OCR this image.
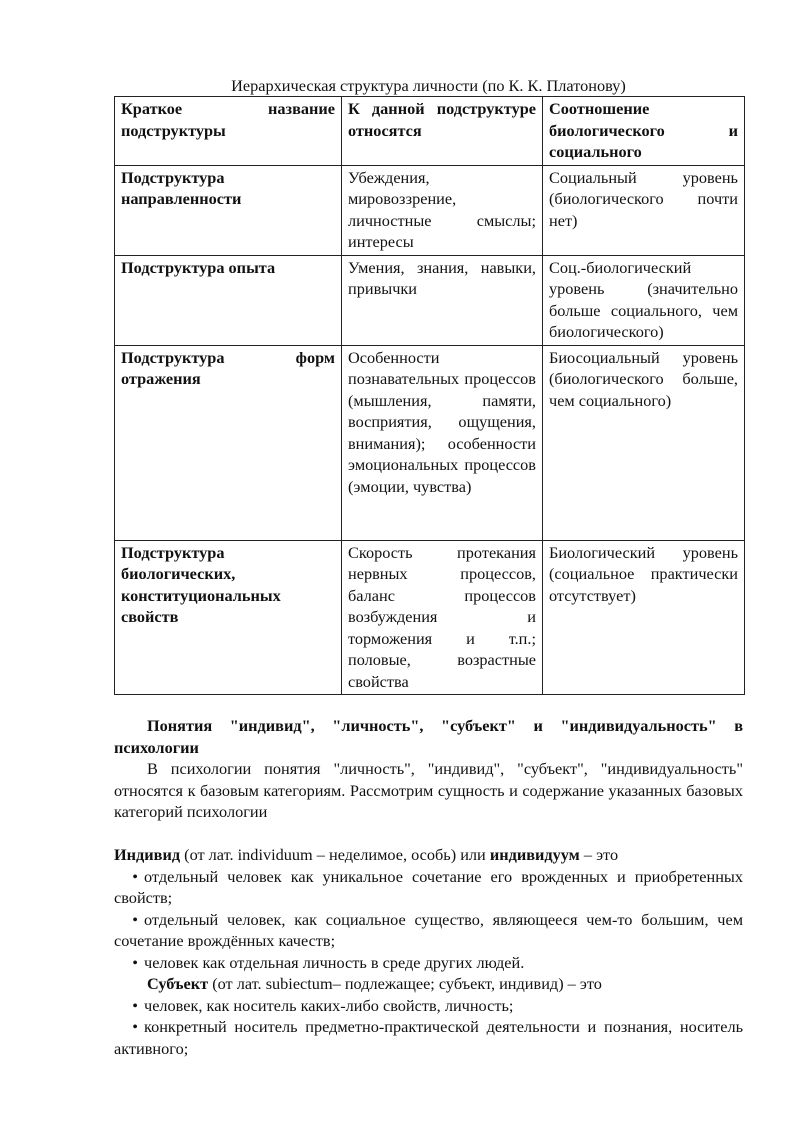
Иерархическая структура личности (по К. К. Платонову)

Краткое название подструктуры	К данной подструктуре относятся	Соотношение биологического и социального
Подструктура направленности	Убеждения, мировоззрение, личностные смыслы; интересы	Социальный уровень (биологического почти нет)
Подструктура опыта	Умения, знания, навыки, привычки	Соц.-биологический уровень (значительно больше социального, чем биологического)
Подструктура форм отражения	Особенности познавательных процессов (мышления, памяти, восприятия, ощущения, внимания); особенности эмоциональных процессов (эмоции, чувства)	Биосоциальный уровень (биологического больше, чем социального)
Подструктура биологических, конституциональных свойств	Скорость протекания нервных процессов, баланс процессов возбуждения и торможения и т.п.; половые, возрастные свойства	Биологический уровень (социальное практически отсутствует)

Понятия "индивид", "личность", "субъект" и "индивидуальность" в психологии

В психологии понятия "личность", "индивид", "субъект", "индивидуальность" относятся к базовым категориям. Рассмотрим сущность и содержание указанных базовых категорий психологии

Индивид (от лат. individuum – неделимое, особь) или индивидуум – это

• отдельный человек как уникальное сочетание его врожденных и приобретенных свойств;
• отдельный человек, как социальное существо, являющееся чем-то большим, чем сочетание врождённых качеств;
• человек как отдельная личность в среде других людей.

Субъект (от лат. subiectum– подлежащее; субъект, индивид) – это

• человек, как носитель каких-либо свойств, личность;
• конкретный носитель предметно-практической деятельности и познания, носитель активного;
